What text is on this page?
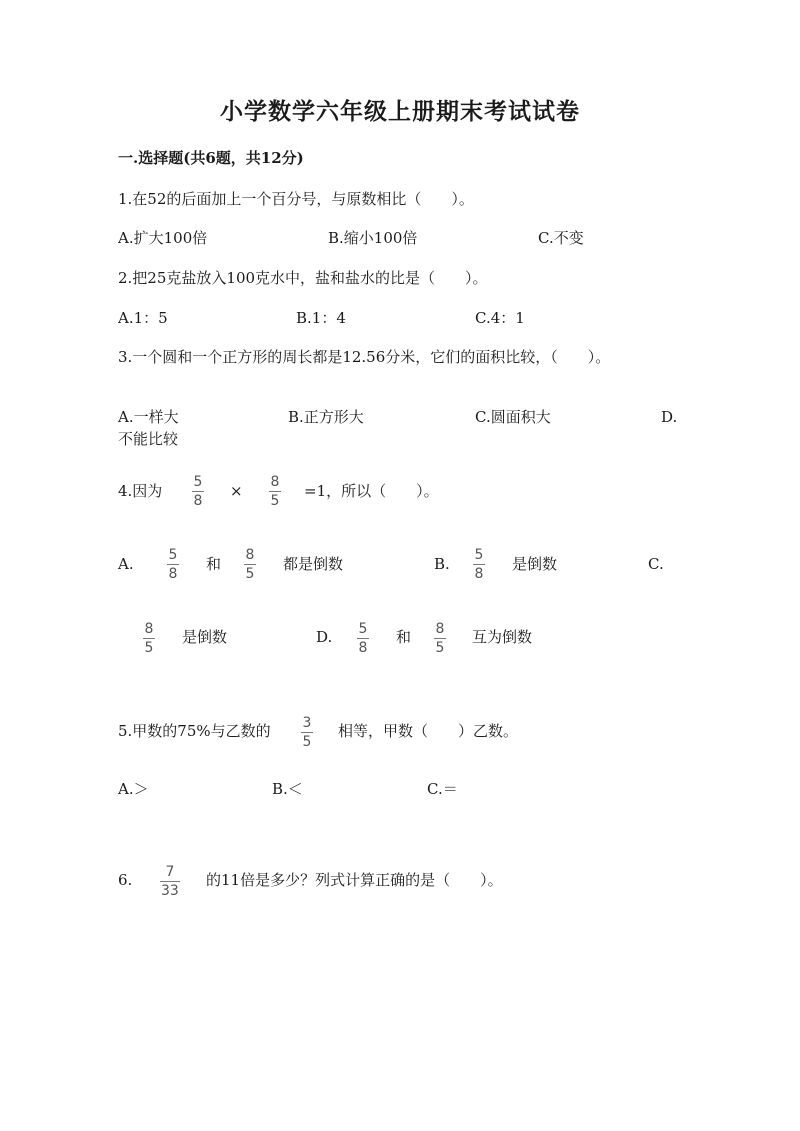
小学数学六年级上册期末考试试卷
一.选择题(共6题，共12分)
1.在52的后面加上一个百分号，与原数相比（　　）。
A.扩大100倍	B.缩小100倍	C.不变
2.把25克盐放入100克水中，盐和盐水的比是（　　）。
A.1：5	B.1：4	C.4：1
3.一个圆和一个正方形的周长都是12.56分米，它们的面积比较，（　　）。
A.一样大	B.正方形大	C.圆面积大	D.
不能比较
4.因为 5
8
× 8
5
=1，所以（　　）。
A. 5
8
和 8
5
都是倒数	B. 5
8
是倒数	C.
8
5
是倒数	D. 5
8
和 8
5
互为倒数
5.甲数的75%与乙数的 3
5
相等，甲数（　　）乙数。
A.＞	B.＜	C.＝
6. 7
33
的11倍是多少？列式计算正确的是（　　）。
